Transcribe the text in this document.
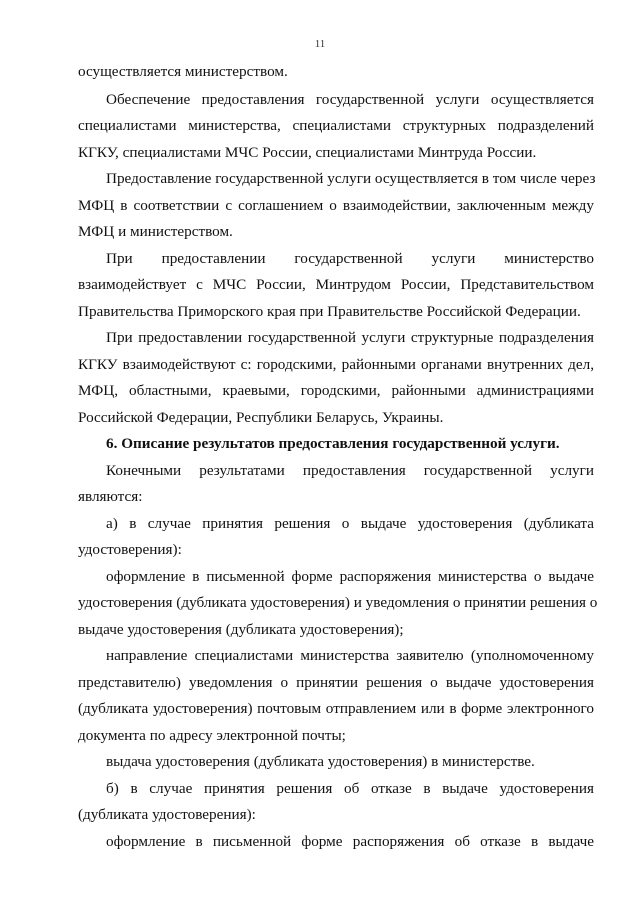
11
осуществляется министерством.
Обеспечение предоставления государственной услуги осуществляется
специалистами министерства, специалистами структурных подразделений
КГКУ, специалистами МЧС России, специалистами Минтруда России.
Предоставление государственной услуги осуществляется в том числе через
МФЦ в соответствии с соглашением о взаимодействии, заключенным между
МФЦ и министерством.
При предоставлении государственной услуги министерство
взаимодействует с МЧС России, Минтрудом России, Представительством
Правительства Приморского края при Правительстве Российской Федерации.
При предоставлении государственной услуги структурные подразделения
КГКУ взаимодействуют с: городскими, районными органами внутренних дел,
МФЦ, областными, краевыми, городскими, районными администрациями
Российской Федерации, Республики Беларусь, Украины.
6. Описание результатов предоставления государственной услуги.
Конечными результатами предоставления государственной услуги
являются:
а) в случае принятия решения о выдаче удостоверения (дубликата
удостоверения):
оформление в письменной форме распоряжения министерства о выдаче
удостоверения (дубликата удостоверения) и уведомления о принятии решения о
выдаче удостоверения (дубликата удостоверения);
направление специалистами министерства заявителю (уполномоченному
представителю) уведомления о принятии решения о выдаче удостоверения
(дубликата удостоверения) почтовым отправлением или в форме электронного
документа по адресу электронной почты;
выдача удостоверения (дубликата удостоверения) в министерстве.
б) в случае принятия решения об отказе в выдаче удостоверения
(дубликата удостоверения):
оформление в письменной форме распоряжения об отказе в выдаче
